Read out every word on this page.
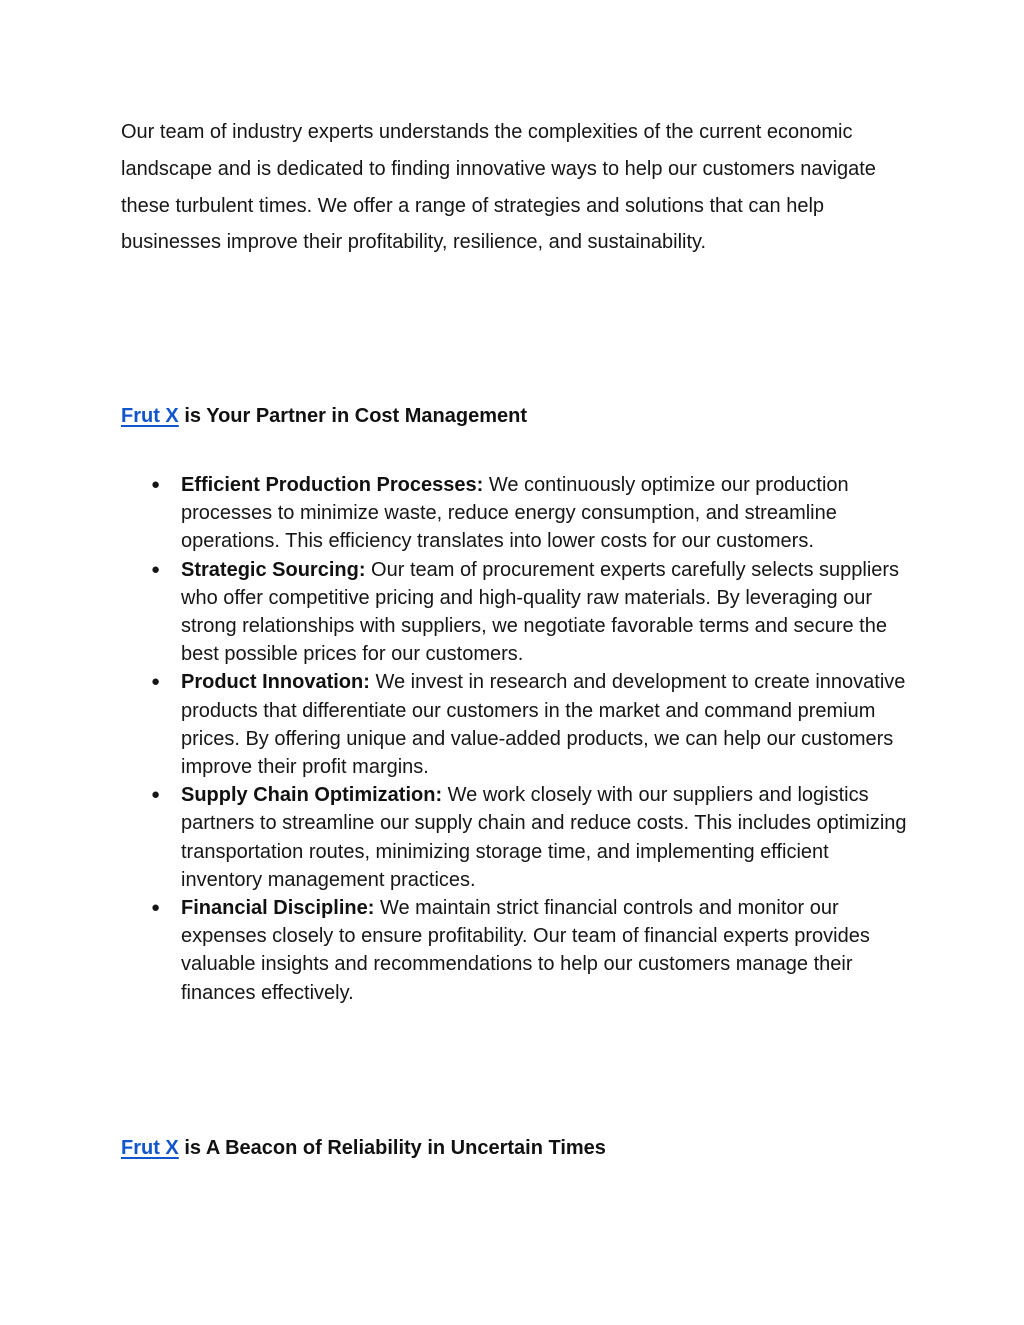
Our team of industry experts understands the complexities of the current economic landscape and is dedicated to finding innovative ways to help our customers navigate these turbulent times. We offer a range of strategies and solutions that can help businesses improve their profitability, resilience, and sustainability.

Frut X is Your Partner in Cost Management
● Efficient Production Processes: We continuously optimize our production processes to minimize waste, reduce energy consumption, and streamline operations. This efficiency translates into lower costs for our customers.
● Strategic Sourcing: Our team of procurement experts carefully selects suppliers who offer competitive pricing and high-quality raw materials. By leveraging our strong relationships with suppliers, we negotiate favorable terms and secure the best possible prices for our customers.
● Product Innovation: We invest in research and development to create innovative products that differentiate our customers in the market and command premium prices. By offering unique and value-added products, we can help our customers improve their profit margins.
● Supply Chain Optimization: We work closely with our suppliers and logistics partners to streamline our supply chain and reduce costs. This includes optimizing transportation routes, minimizing storage time, and implementing efficient inventory management practices.
● Financial Discipline: We maintain strict financial controls and monitor our expenses closely to ensure profitability. Our team of financial experts provides valuable insights and recommendations to help our customers manage their finances effectively.
Frut X is A Beacon of Reliability in Uncertain Times
